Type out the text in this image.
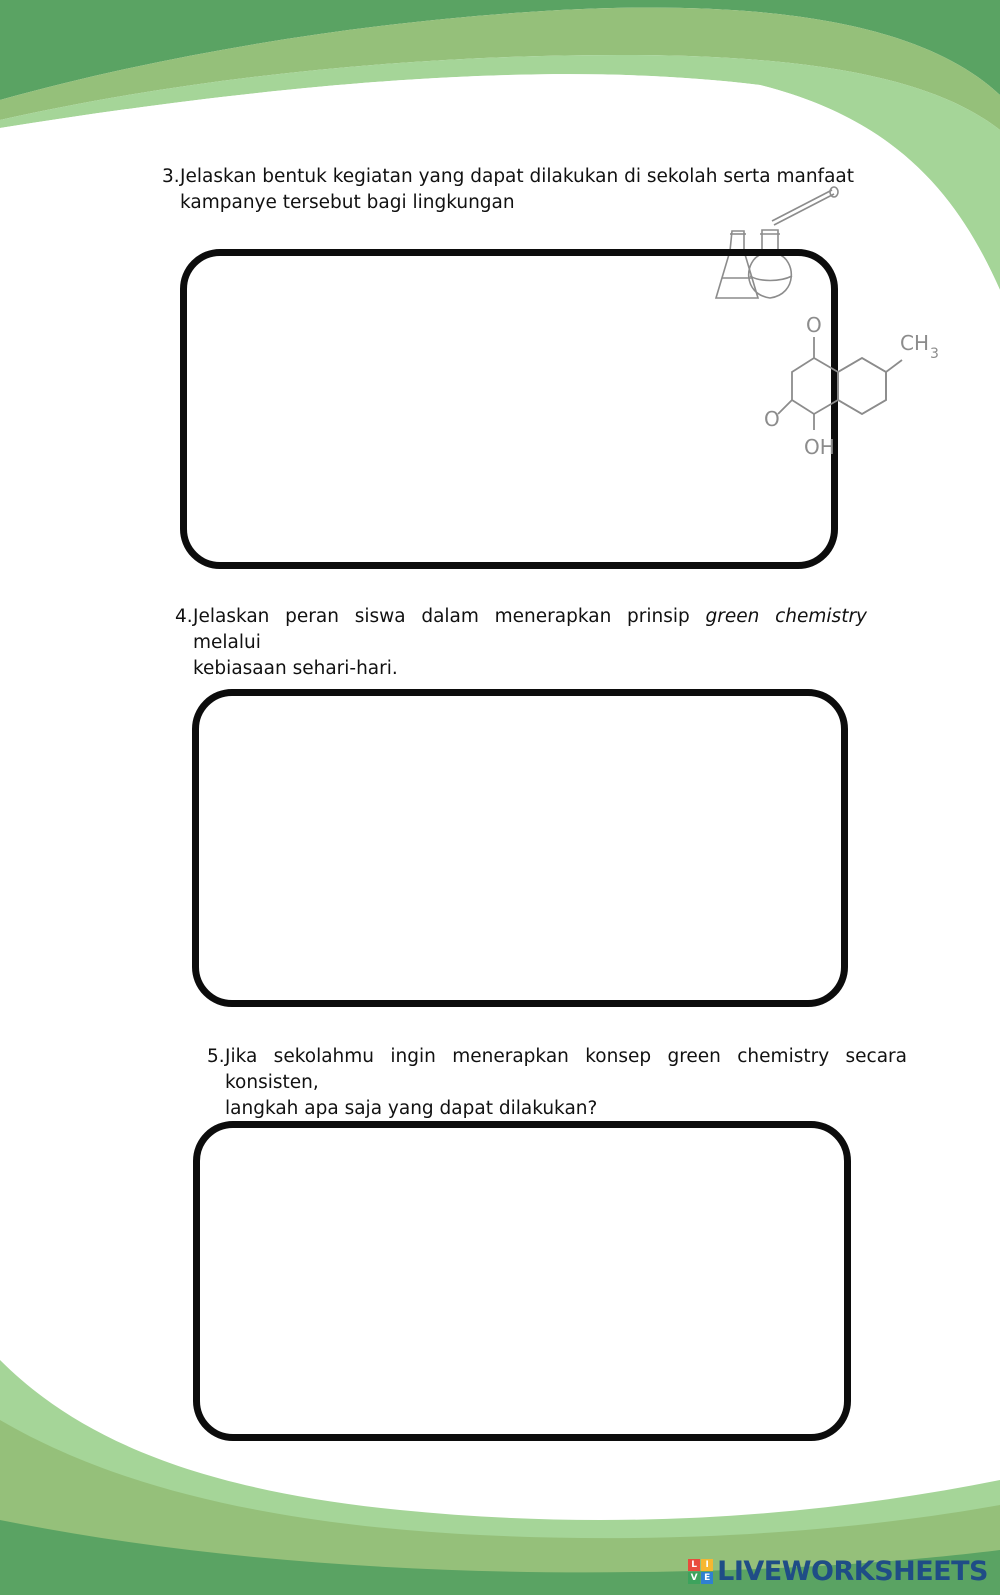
3. Jelaskan bentuk kegiatan yang dapat dilakukan di sekolah serta manfaat
kampanye tersebut bagi lingkungan
O
O
OH
CH 3
4. Jelaskan peran siswa dalam menerapkan prinsip green chemistry melalui
kebiasaan sehari-hari.
5. Jika sekolahmu ingin menerapkan konsep green chemistry secara konsisten,
langkah apa saja yang dapat dilakukan?
L I
V E LIVEWORKSHEETS
